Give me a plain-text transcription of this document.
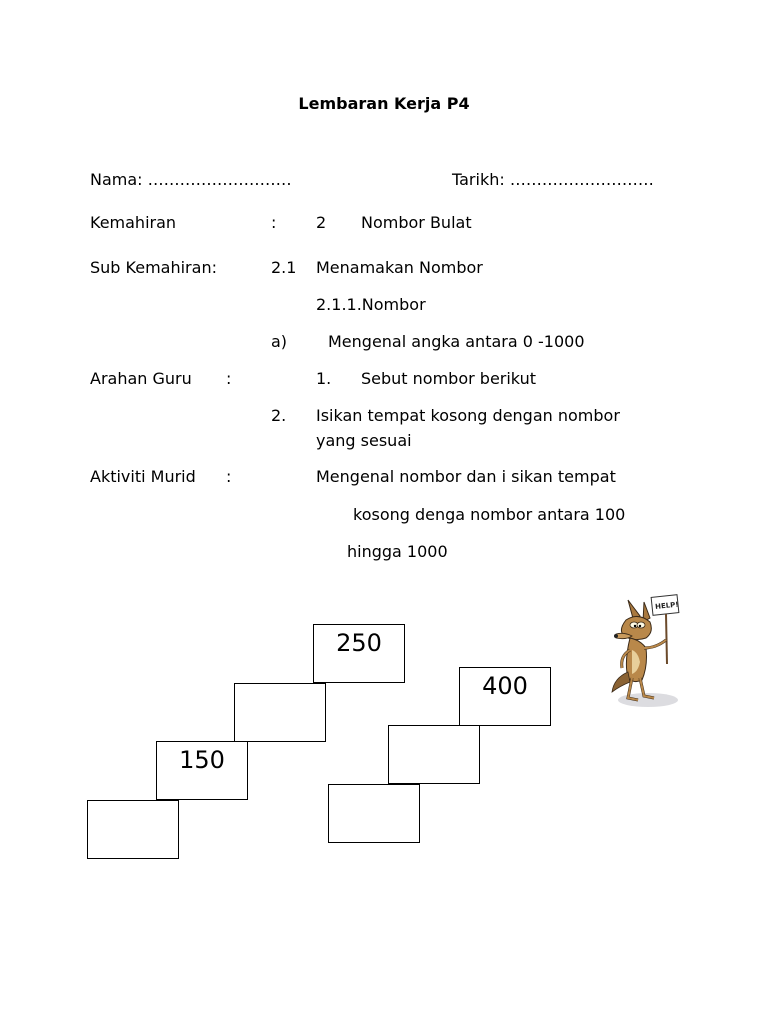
Lembaran Kerja P4
Nama: ………………………	Tarikh: ………………………
Kemahiran	: 2 Nombor Bulat
Sub Kemahiran:	2.1 Menamakan Nombor
2.1.1.Nombor
a)	Mengenal angka antara 0 -1000
Arahan Guru :	1. Sebut nombor berikut
2. Isikan tempat kosong dengan nombor
yang sesuai
Aktiviti Murid :	Mengenal nombor dan i sikan tempat
kosong denga nombor antara 100
hingga 1000
150
250
400
HELP!
